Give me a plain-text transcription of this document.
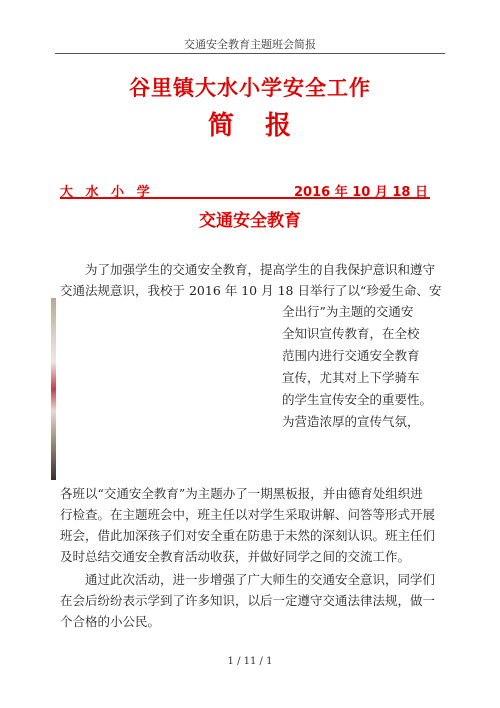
交通安全教育主题班会简报
谷里镇大水小学安全工作
简 报
大 水 小 学	2016 年 10 月 18 日
交通安全教育
为了加强学生的交通安全教育，提高学生的自我保护意识和遵守
交通法规意识，我校于 2016 年 10 月 18 日举行了以“珍爱生命、安
全出行”为主题的交通安
全知识宣传教育，在全校
范围内进行交通安全教育
宣传，尤其对上下学骑车
的学生宣传安全的重要性。
为营造浓厚的宣传气氛，
各班以“交通安全教育”为主题办了一期黑板报，并由德育处组织进
行检查。在主题班会中，班主任以对学生采取讲解、问答等形式开展
班会，借此加深孩子们对安全重在防患于未然的深刻认识。班主任们
及时总结交通安全教育活动收获，并做好同学之间的交流工作。
通过此次活动，进一步增强了广大师生的交通安全意识，同学们
在会后纷纷表示学到了许多知识，以后一定遵守交通法律法规，做一
个合格的小公民。
1 / 11 / 1
